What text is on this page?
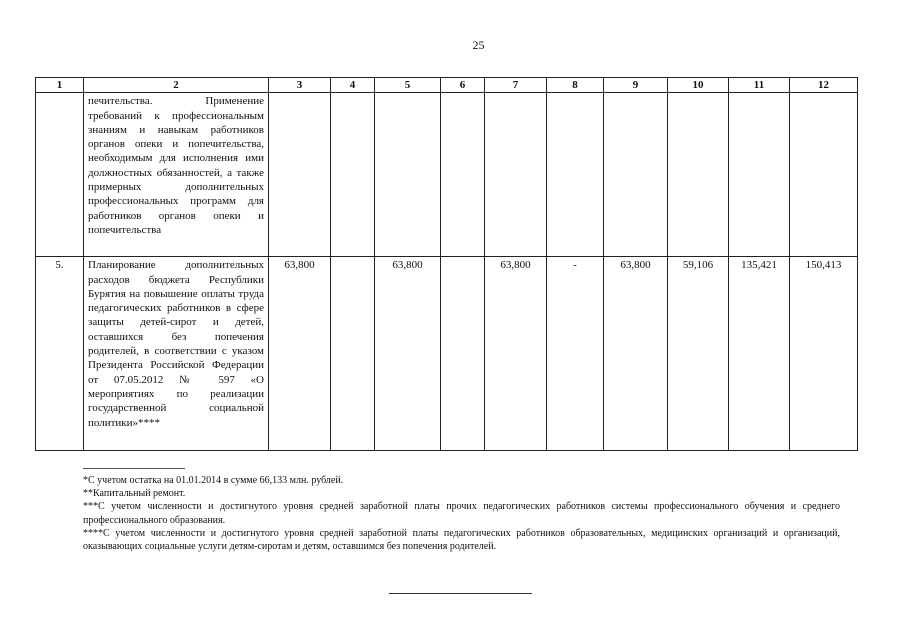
25
1	2	3	4	5	6	7	8	9	10	11	12
	печительства. Применение требований к профессиональным знаниям и навыкам работников органов опеки и попечительства, необходимым для исполнения ими должностных обязанностей, а также примерных дополнительных профессиональных программ для работников органов опеки и попечительства										
5.	Планирование дополнительных расходов бюджета Республики Бурятия на повышение оплаты труда педагогических работников в сфере защиты детей-сирот и детей, оставшихся без попечения родителей, в соответствии с указом Президента Российской Федерации от 07.05.2012 № 597 «О мероприятиях по реализации государственной социальной политики»****	63,800		63,800		63,800	-	63,800	59,106	135,421	150,413

*С учетом остатка на 01.01.2014 в сумме 66,133 млн. рублей.

**Капитальный ремонт.

***С учетом численности и достигнутого уровня средней заработной платы прочих педагогических работников системы профессионального обучения и среднего профессионального образования.

****С учетом численности и достигнутого уровня средней заработной платы педагогических работников образовательных, медицинских организаций и организаций, оказывающих социальные услуги детям-сиротам и детям, оставшимся без попечения родителей.
